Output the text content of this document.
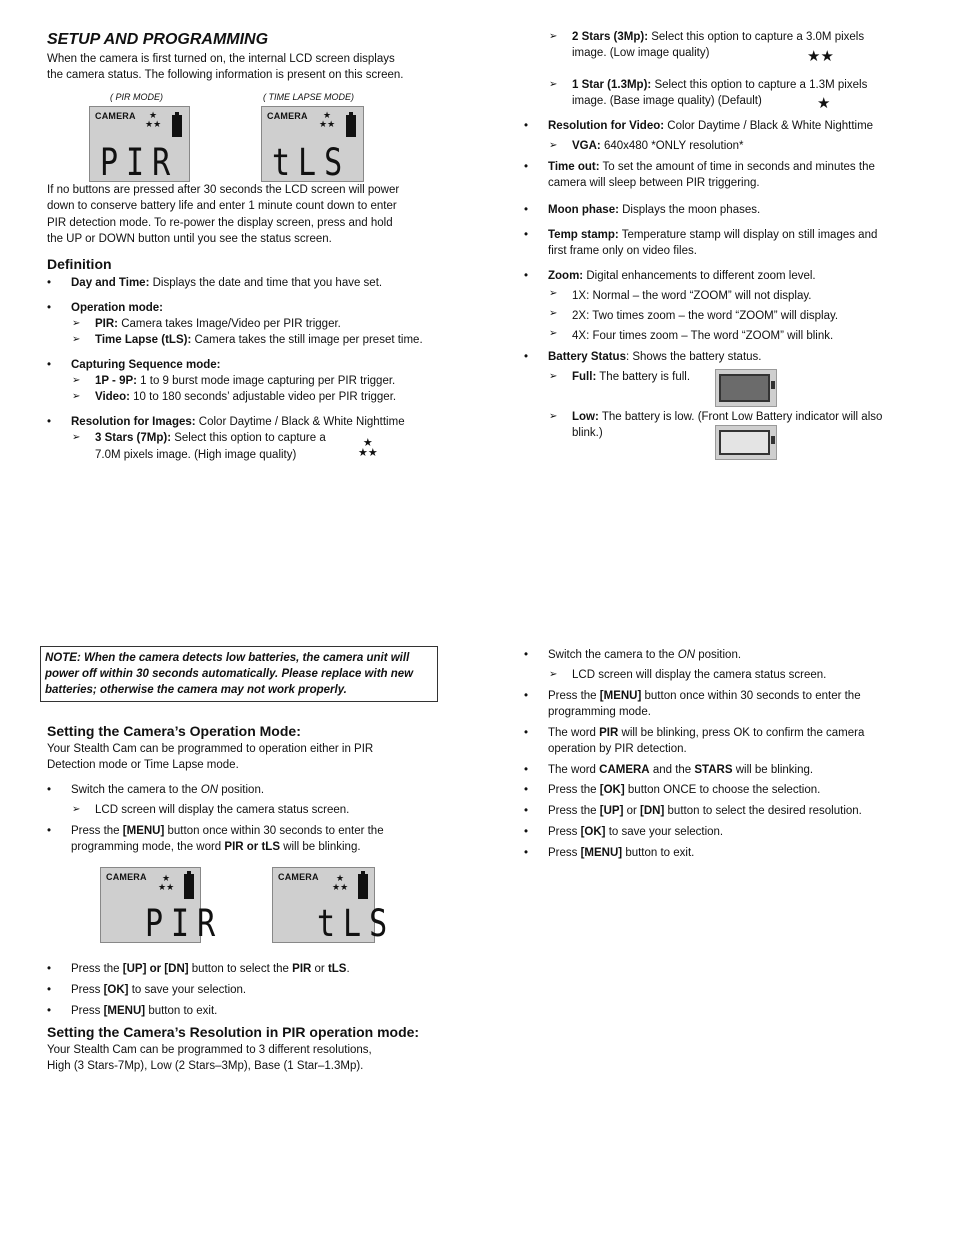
SETUP AND PROGRAMMING
When the camera is first turned on, the internal LCD screen displays
the camera status. The following information is present on this screen.
( PIR MODE)	( TIME LAPSE MODE)
CAMERA	★
★★
PIR
CAMERA	★
★★
tLS
If no buttons are pressed after 30 seconds the LCD screen will power
down to conserve battery life and enter 1 minute count down to enter
PIR detection mode. To re-power the display screen, press and hold
the UP or DOWN button until you see the status screen.
Definition
• Day and Time: Displays the date and time that you have set.
• Operation mode:
➢ PIR: Camera takes Image/Video per PIR trigger.
➢ Time Lapse (tLS): Camera takes the still image per preset time.
• Capturing Sequence mode:
➢ 1P - 9P: 1 to 9 burst mode image capturing per PIR trigger.
➢ Video: 10 to 180 seconds’ adjustable video per PIR trigger.
• Resolution for Images: Color Daytime / Black & White Nighttime
➢ 3 Stars (7Mp): Select this option to capture a
7.0M pixels image. (High image quality)
★
★★
➢ 2 Stars (3Mp): Select this option to capture a 3.0M pixels
image. (Low image quality)	★★
➢ 1 Star (1.3Mp): Select this option to capture a 1.3M pixels
image. (Base image quality) (Default)	★
• Resolution for Video: Color Daytime / Black & White Nighttime
➢ VGA: 640x480 *ONLY resolution*
• Time out: To set the amount of time in seconds and minutes the
camera will sleep between PIR triggering.
• Moon phase: Displays the moon phases.
• Temp stamp: Temperature stamp will display on still images and
first frame only on video files.
• Zoom: Digital enhancements to different zoom level.
1X: Normal – the word “ZOOM” will not display.
➢
2X: Two times zoom – the word “ZOOM” will display.
➢
4X: Four times zoom – The word “ZOOM” will blink.
➢
• Battery Status: Shows the battery status.
➢ Full: The battery is full.
➢ Low: The battery is low. (Front Low Battery indicator will also
blink.)
NOTE: When the camera detects low batteries, the camera unit will
power off within 30 seconds automatically. Please replace with new
batteries; otherwise the camera may not work properly.
Setting the Camera’s Operation Mode:
Your Stealth Cam can be programmed to operation either in PIR
Detection mode or Time Lapse mode.
• Switch the camera to the ON position.
➢ LCD screen will display the camera status screen.
• Press the [MENU] button once within 30 seconds to enter the
programming mode, the word PIR or tLS will be blinking.
CAMERA	★
★★
PIR
CAMERA	★
★★
tLS
• Press the [UP] or [DN] button to select the PIR or tLS.
• Press [OK] to save your selection.
• Press [MENU] button to exit.
Setting the Camera’s Resolution in PIR operation mode:
Your Stealth Cam can be programmed to 3 different resolutions,
High (3 Stars-7Mp), Low (2 Stars–3Mp), Base (1 Star–1.3Mp).
• Switch the camera to the ON position.
➢ LCD screen will display the camera status screen.
• Press the [MENU] button once within 30 seconds to enter the
programming mode.
• The word PIR will be blinking, press OK to confirm the camera
operation by PIR detection.
• The word CAMERA and the STARS will be blinking.
• Press the [OK] button ONCE to choose the selection.
• Press the [UP] or [DN] button to select the desired resolution.
• Press [OK] to save your selection.
• Press [MENU] button to exit.
